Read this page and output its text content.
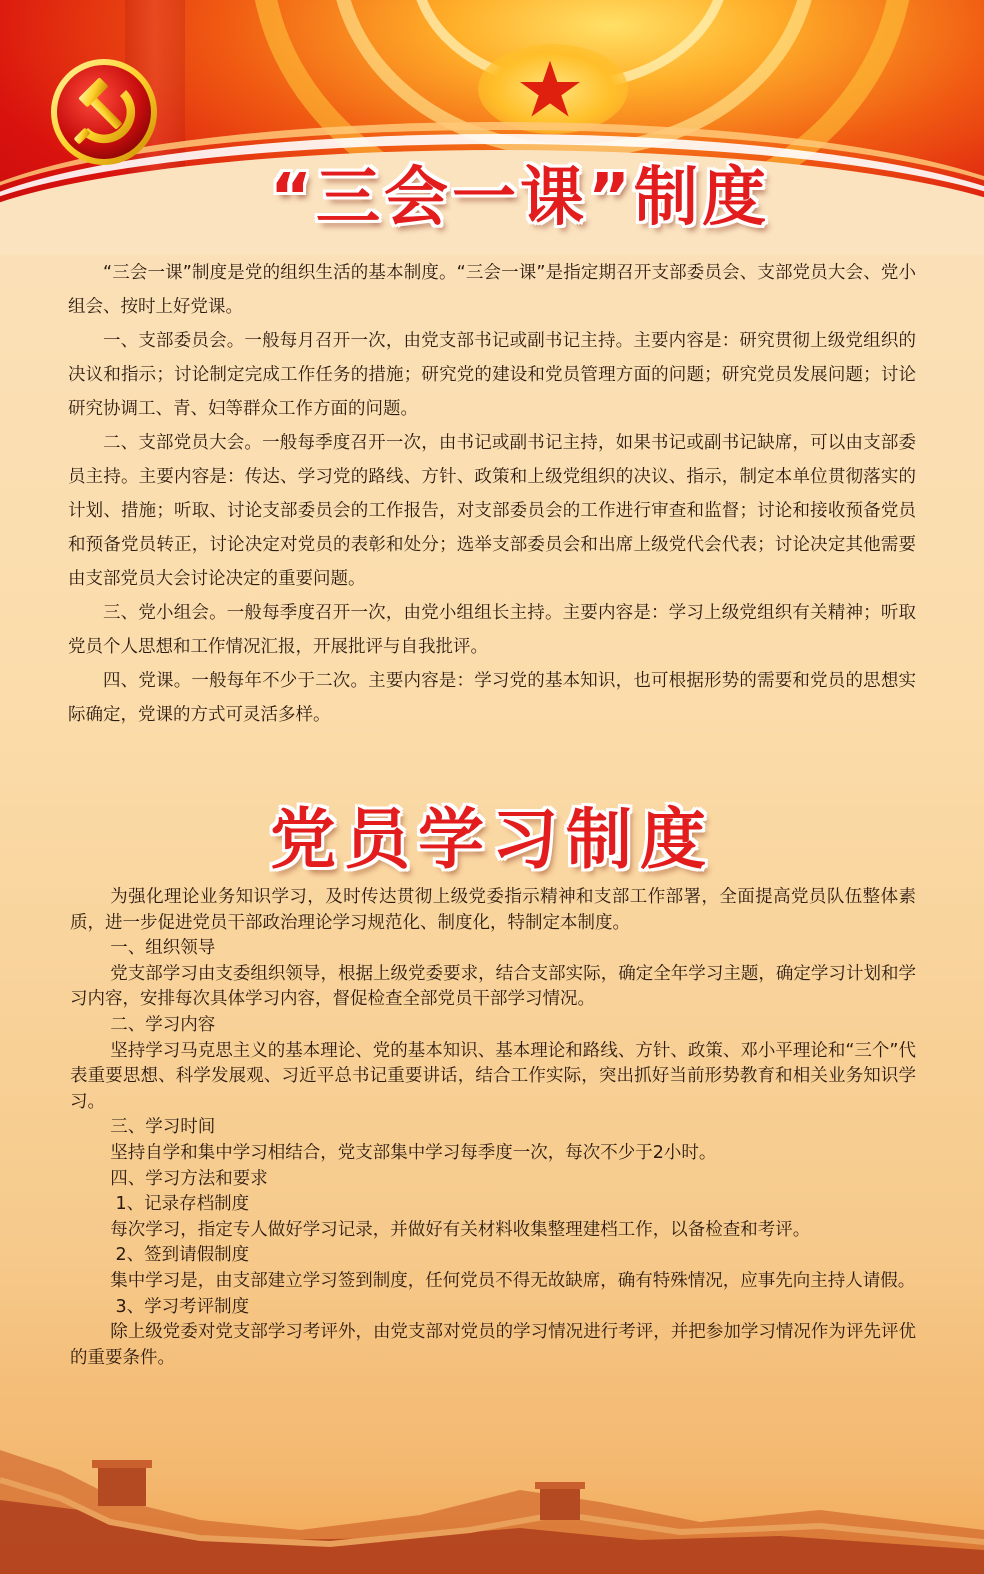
“三会一课”制度

“三会一课”制度是党的组织生活的基本制度。“三会一课”是指定期召开支部委员会、支部党员大会、党小组会、按时上好党课。

一、支部委员会。一般每月召开一次，由党支部书记或副书记主持。主要内容是：研究贯彻上级党组织的决议和指示；讨论制定完成工作任务的措施；研究党的建设和党员管理方面的问题；研究党员发展问题；讨论研究协调工、青、妇等群众工作方面的问题。

二、支部党员大会。一般每季度召开一次，由书记或副书记主持，如果书记或副书记缺席，可以由支部委员主持。主要内容是：传达、学习党的路线、方针、政策和上级党组织的决议、指示，制定本单位贯彻落实的计划、措施；听取、讨论支部委员会的工作报告，对支部委员会的工作进行审查和监督；讨论和接收预备党员和预备党员转正，讨论决定对党员的表彰和处分；选举支部委员会和出席上级党代会代表；讨论决定其他需要由支部党员大会讨论决定的重要问题。

三、党小组会。一般每季度召开一次，由党小组组长主持。主要内容是：学习上级党组织有关精神；听取党员个人思想和工作情况汇报，开展批评与自我批评。

四、党课。一般每年不少于二次。主要内容是：学习党的基本知识，也可根据形势的需要和党员的思想实际确定，党课的方式可灵活多样。

党员学习制度

为强化理论业务知识学习，及时传达贯彻上级党委指示精神和支部工作部署，全面提高党员队伍整体素质，进一步促进党员干部政治理论学习规范化、制度化，特制定本制度。

一、组织领导

党支部学习由支委组织领导，根据上级党委要求，结合支部实际，确定全年学习主题，确定学习计划和学习内容，安排每次具体学习内容，督促检查全部党员干部学习情况。

二、学习内容

坚持学习马克思主义的基本理论、党的基本知识、基本理论和路线、方针、政策、邓小平理论和“三个”代表重要思想、科学发展观、习近平总书记重要讲话，结合工作实际，突出抓好当前形势教育和相关业务知识学习。

三、学习时间

坚持自学和集中学习相结合，党支部集中学习每季度一次，每次不少于2小时。

四、学习方法和要求

1、记录存档制度

每次学习，指定专人做好学习记录，并做好有关材料收集整理建档工作，以备检查和考评。

2、签到请假制度

集中学习是，由支部建立学习签到制度，任何党员不得无故缺席，确有特殊情况，应事先向主持人请假。

3、学习考评制度

除上级党委对党支部学习考评外，由党支部对党员的学习情况进行考评，并把参加学习情况作为评先评优的重要条件。
